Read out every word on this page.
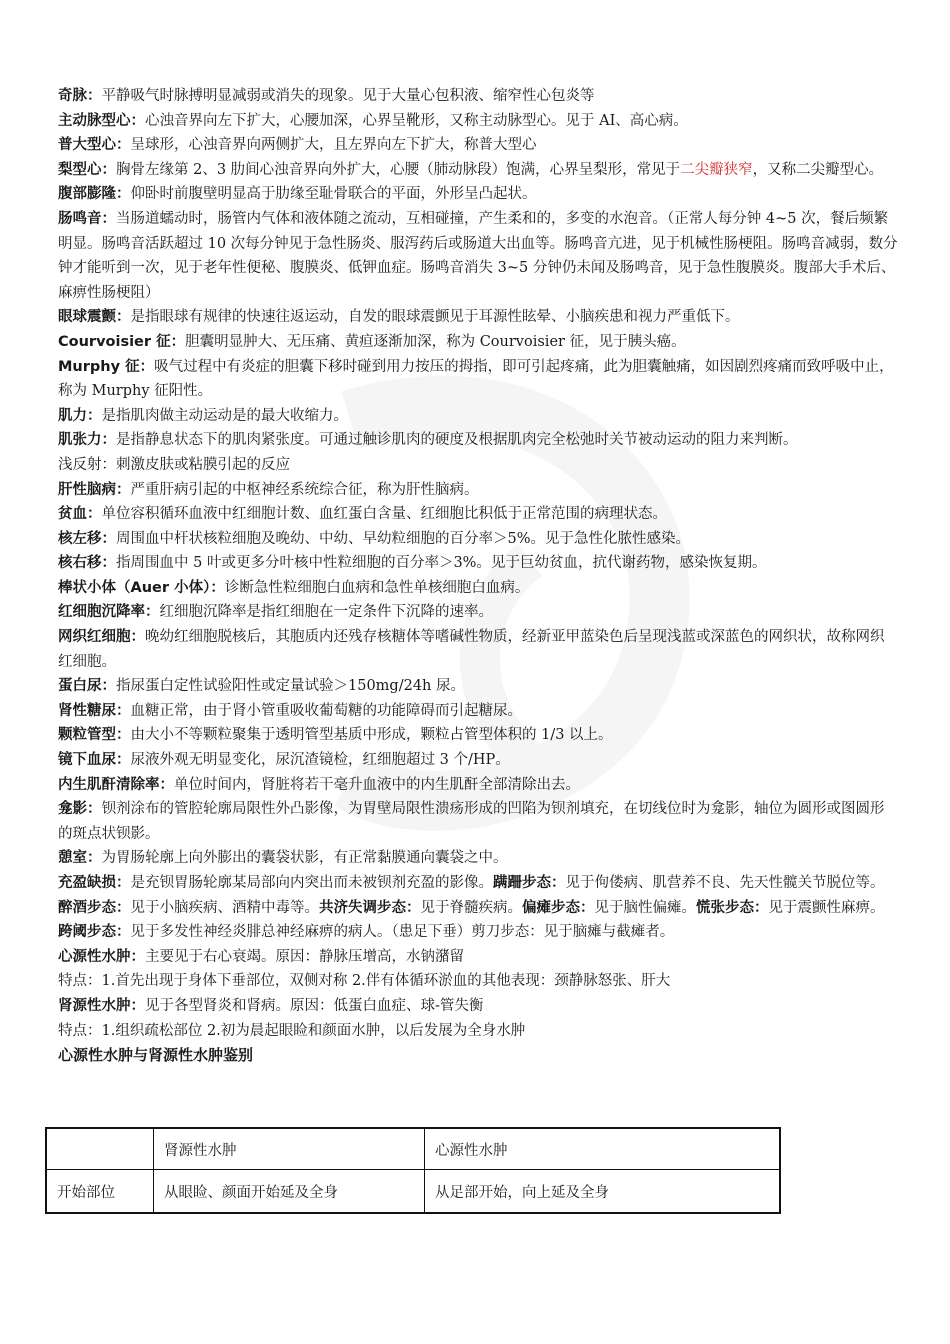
奇脉：平静吸气时脉搏明显减弱或消失的现象。见于大量心包积液、缩窄性心包炎等

主动脉型心：心浊音界向左下扩大，心腰加深，心界呈靴形，又称主动脉型心。见于 AI、高心病。

普大型心：呈球形，心浊音界向两侧扩大，且左界向左下扩大，称普大型心

梨型心：胸骨左缘第 2、3 肋间心浊音界向外扩大，心腰（肺动脉段）饱满，心界呈梨形，常见于二尖瓣狭窄，又称二尖瓣型心。

腹部膨隆：仰卧时前腹壁明显高于肋缘至耻骨联合的平面，外形呈凸起状。

肠鸣音：当肠道蠕动时，肠管内气体和液体随之流动，互相碰撞，产生柔和的，多变的水泡音。（正常人每分钟 4~5 次，餐后频繁明显。肠鸣音活跃超过 10 次每分钟见于急性肠炎、服泻药后或肠道大出血等。肠鸣音亢进，见于机械性肠梗阻。肠鸣音减弱，数分钟才能听到一次，见于老年性便秘、腹膜炎、低钾血症。肠鸣音消失 3~5 分钟仍未闻及肠鸣音，见于急性腹膜炎。腹部大手术后、麻痹性肠梗阻）

眼球震颤：是指眼球有规律的快速往返运动，自发的眼球震颤见于耳源性眩晕、小脑疾患和视力严重低下。

Courvoisier 征：胆囊明显肿大、无压痛、黄疸逐渐加深，称为 Courvoisier 征，见于胰头癌。

Murphy 征：吸气过程中有炎症的胆囊下移时碰到用力按压的拇指，即可引起疼痛，此为胆囊触痛，如因剧烈疼痛而致呼吸中止，称为 Murphy 征阳性。

肌力：是指肌肉做主动运动是的最大收缩力。

肌张力：是指静息状态下的肌肉紧张度。可通过触诊肌肉的硬度及根据肌肉完全松弛时关节被动运动的阻力来判断。

浅反射：刺激皮肤或粘膜引起的反应

肝性脑病：严重肝病引起的中枢神经系统综合征，称为肝性脑病。

贫血：单位容积循环血液中红细胞计数、血红蛋白含量、红细胞比积低于正常范围的病理状态。

核左移：周围血中杆状核粒细胞及晚幼、中幼、早幼粒细胞的百分率＞5%。见于急性化脓性感染。

核右移：指周围血中 5 叶或更多分叶核中性粒细胞的百分率＞3%。见于巨幼贫血，抗代谢药物，感染恢复期。

棒状小体（Auer 小体）：诊断急性粒细胞白血病和急性单核细胞白血病。

红细胞沉降率：红细胞沉降率是指红细胞在一定条件下沉降的速率。

网织红细胞：晚幼红细胞脱核后，其胞质内还残存核糖体等嗜碱性物质，经新亚甲蓝染色后呈现浅蓝或深蓝色的网织状，故称网织红细胞。

蛋白尿：指尿蛋白定性试验阳性或定量试验＞150mg/24h 尿。

肾性糖尿：血糖正常，由于肾小管重吸收葡萄糖的功能障碍而引起糖尿。

颗粒管型：由大小不等颗粒聚集于透明管型基质中形成，颗粒占管型体积的 1/3 以上。

镜下血尿：尿液外观无明显变化，尿沉渣镜检，红细胞超过 3 个/HP。

内生肌酐清除率：单位时间内，肾脏将若干毫升血液中的内生肌酐全部清除出去。

龛影：钡剂涂布的管腔轮廓局限性外凸影像，为胃壁局限性溃疡形成的凹陷为钡剂填充，在切线位时为龛影，轴位为圆形或图圆形的斑点状钡影。

憩室：为胃肠轮廓上向外膨出的囊袋状影，有正常黏膜通向囊袋之中。

充盈缺损：是充钡胃肠轮廓某局部向内突出而未被钡剂充盈的影像。蹒跚步态：见于佝偻病、肌营养不良、先天性髋关节脱位等。醉酒步态：见于小脑疾病、酒精中毒等。共济失调步态：见于脊髓疾病。偏瘫步态：见于脑性偏瘫。慌张步态：见于震颤性麻痹。跨阈步态：见于多发性神经炎腓总神经麻痹的病人。（患足下垂）剪刀步态：见于脑瘫与截瘫者。

心源性水肿：主要见于右心衰竭。原因：静脉压增高，水钠潴留

特点：1.首先出现于身体下垂部位，双侧对称 2.伴有体循环淤血的其他表现：颈静脉怒张、肝大

肾源性水肿：见于各型肾炎和肾病。原因：低蛋白血症、球-管失衡

特点：1.组织疏松部位 2.初为晨起眼睑和颜面水肿，以后发展为全身水肿

心源性水肿与肾源性水肿鉴别

	肾源性水肿	心源性水肿
开始部位	从眼睑、颜面开始延及全身	从足部开始，向上延及全身
